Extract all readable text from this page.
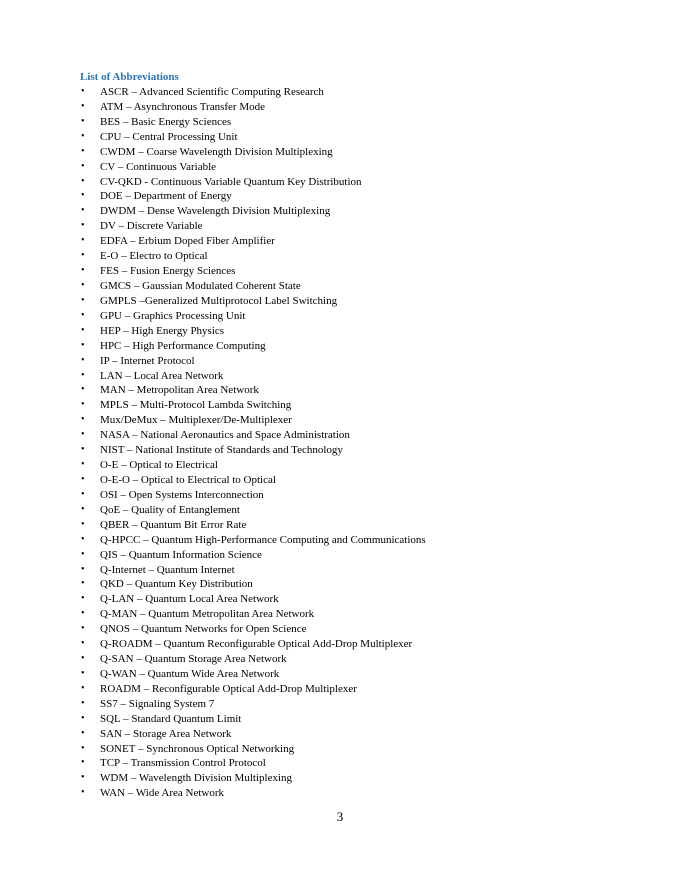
List of Abbreviations
• ASCR – Advanced Scientific Computing Research
• ATM – Asynchronous Transfer Mode
• BES – Basic Energy Sciences
• CPU – Central Processing Unit
• CWDM – Coarse Wavelength Division Multiplexing
• CV – Continuous Variable
• CV-QKD - Continuous Variable Quantum Key Distribution
• DOE – Department of Energy
• DWDM – Dense Wavelength Division Multiplexing
• DV – Discrete Variable
• EDFA – Erbium Doped Fiber Amplifier
• E-O – Electro to Optical
• FES – Fusion Energy Sciences
• GMCS – Gaussian Modulated Coherent State
• GMPLS –Generalized Multiprotocol Label Switching
• GPU – Graphics Processing Unit
• HEP – High Energy Physics
• HPC – High Performance Computing
• IP – Internet Protocol
• LAN – Local Area Network
• MAN – Metropolitan Area Network
• MPLS – Multi-Protocol Lambda Switching
• Mux/DeMux – Multiplexer/De-Multiplexer
• NASA – National Aeronautics and Space Administration
• NIST – National Institute of Standards and Technology
• O-E – Optical to Electrical
• O-E-O – Optical to Electrical to Optical
• OSI – Open Systems Interconnection
• QoE – Quality of Entanglement
• QBER – Quantum Bit Error Rate
• Q-HPCC – Quantum High-Performance Computing and Communications
• QIS – Quantum Information Science
• Q-Internet – Quantum Internet
• QKD – Quantum Key Distribution
• Q-LAN – Quantum Local Area Network
• Q-MAN – Quantum Metropolitan Area Network
• QNOS – Quantum Networks for Open Science
• Q-ROADM – Quantum Reconfigurable Optical Add-Drop Multiplexer
• Q-SAN – Quantum Storage Area Network
• Q-WAN – Quantum Wide Area Network
• ROADM – Reconfigurable Optical Add-Drop Multiplexer
• SS7 – Signaling System 7
• SQL – Standard Quantum Limit
• SAN – Storage Area Network
• SONET – Synchronous Optical Networking
• TCP – Transmission Control Protocol
• WDM – Wavelength Division Multiplexing
• WAN – Wide Area Network
3
